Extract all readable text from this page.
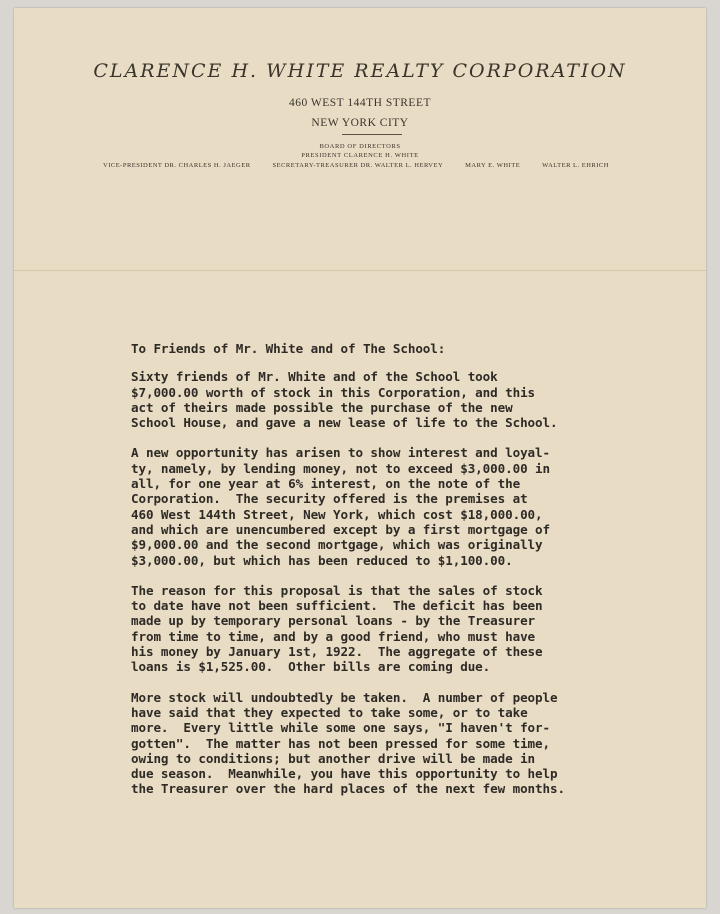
CLARENCE H. WHITE REALTY CORPORATION
460 WEST 144TH STREET
NEW YORK CITY
BOARD OF DIRECTORS
PRESIDENT CLARENCE H. WHITE
VICE-PRESIDENT DR. CHARLES H. JAEGER	SECRETARY-TREASURER DR. WALTER L. HERVEY	MARY E. WHITE	WALTER L. EHRICH

To Friends of Mr. White and of The School:

Sixty friends of Mr. White and of the School took
$7,000.00 worth of stock in this Corporation, and this
act of theirs made possible the purchase of the new
School House, and gave a new lease of life to the School.

A new opportunity has arisen to show interest and loyal-
ty, namely, by lending money, not to exceed $3,000.00 in
all, for one year at 6% interest, on the note of the
Corporation.  The security offered is the premises at
460 West 144th Street, New York, which cost $18,000.00,
and which are unencumbered except by a first mortgage of
$9,000.00 and the second mortgage, which was originally
$3,000.00, but which has been reduced to $1,100.00.

The reason for this proposal is that the sales of stock
to date have not been sufficient.  The deficit has been
made up by temporary personal loans - by the Treasurer
from time to time, and by a good friend, who must have
his money by January 1st, 1922.  The aggregate of these
loans is $1,525.00.  Other bills are coming due.

More stock will undoubtedly be taken.  A number of people
have said that they expected to take some, or to take
more.  Every little while some one says, "I haven't for-
gotten".  The matter has not been pressed for some time,
owing to conditions; but another drive will be made in
due season.  Meanwhile, you have this opportunity to help
the Treasurer over the hard places of the next few months.
